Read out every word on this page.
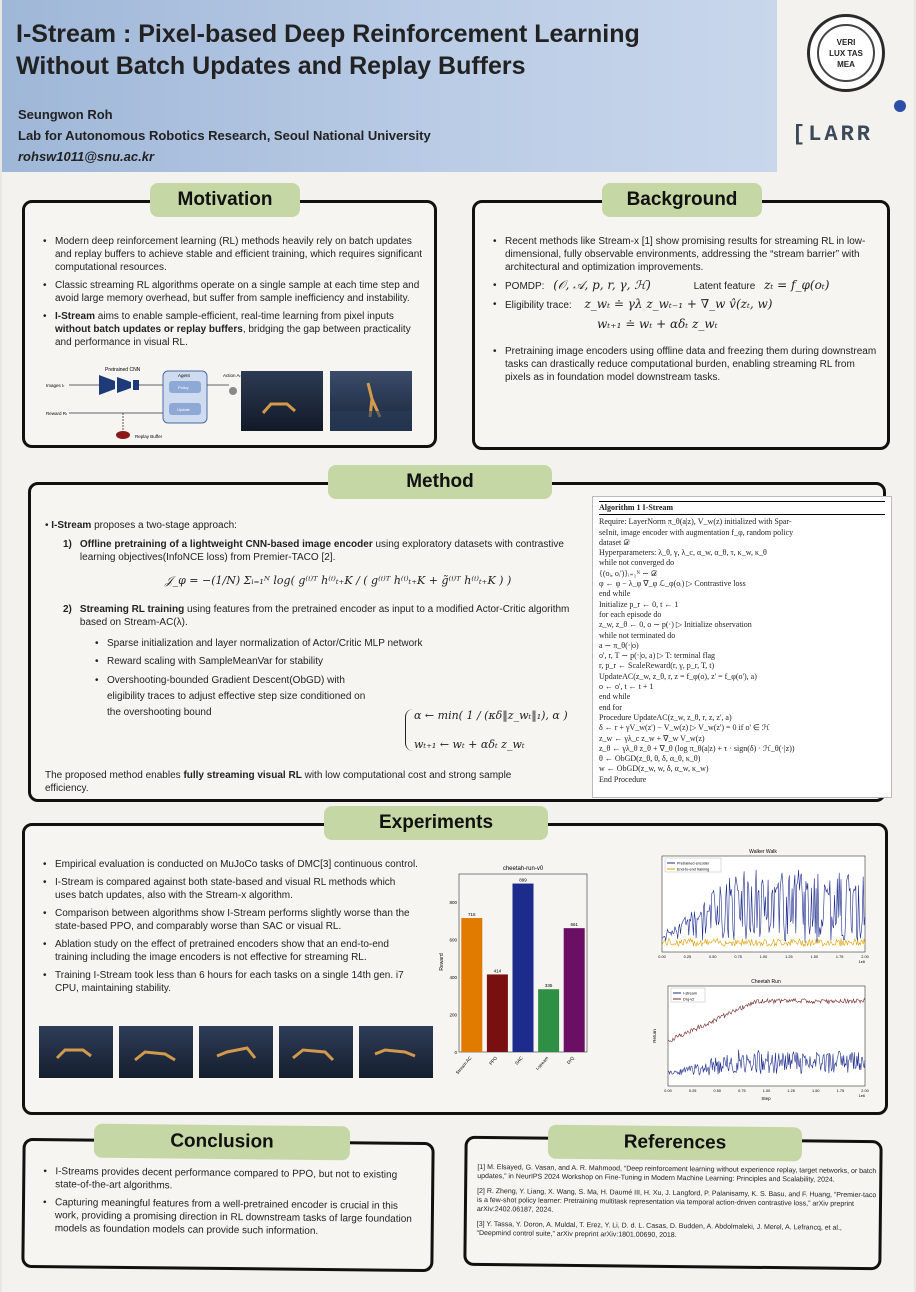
I-Stream : Pixel-based Deep Reinforcement Learning
Without Batch Updates and Replay Buffers
Seungwon Roh
Lab for Autonomous Robotics Research, Seoul National University
rohsw1011@snu.ac.kr
VERI LUX TAS MEA
[LARR
• Modern deep reinforcement learning (RL) methods heavily rely on batch updates and replay buffers to achieve stable and efficient training, which requires significant computational resources.
• Classic streaming RL algorithms operate on a single sample at each time step and avoid large memory overhead, but suffer from sample inefficiency and instability.
• I-Stream aims to enable sample-efficient, real-time learning from pixel inputs without batch updates or replay buffers, bridging the gap between practicality and performance in visual RL.
Pretrained CNN
Images Iₜ
Reward Rₜ
Agent
Policy
Update
Action Aₜ
Replay Buffer
Motivation
• Recent methods like Stream-x [1] show promising results for streaming RL in low-dimensional, fully observable environments, addressing the “stream barrier” with architectural and optimization improvements.
• POMDP: (𝒪, 𝒜, p, r, γ, ℋ)	Latent feature zₜ = f_φ(oₜ)
• Eligibility trace: z_wₜ ≐ γλ z_wₜ₋₁ + ∇_w v̂(zₜ, w)
wₜ₊₁ ≐ wₜ + αδₜ z_wₜ
• Pretraining image encoders using offline data and freezing them during downstream tasks can drastically reduce computational burden, enabling streaming RL from pixels as in foundation model downstream tasks.
Background
• I-Stream proposes a two-stage approach:
1) Offline pretraining of a lightweight CNN-based image encoder using exploratory datasets with contrastive learning objectives(InfoNCE loss) from Premier-TACO [2].
𝒥_φ = −(1/N) Σᵢ₌₁ᴺ log( g⁽ⁱ⁾ᵀ h⁽ⁱ⁾ₜ₊K / ( g⁽ⁱ⁾ᵀ h⁽ⁱ⁾ₜ₊K + g̃⁽ⁱ⁾ᵀ h⁽ⁱ⁾ₜ₊K ) )
2) Streaming RL training using features from the pretrained encoder as input to a modified Actor-Critic algorithm based on Stream-AC(λ).
• Sparse initialization and layer normalization of Actor/Critic MLP network
• Reward scaling with SampleMeanVar for stability
• Overshooting-bounded Gradient Descent(ObGD) with eligibility traces to adjust effective step size conditioned on the overshooting bound	α ← min( 1 / (κδ‖z_wₜ‖₁), α )
wₜ₊₁ ← wₜ + αδₜ z_wₜ
The proposed method enables fully streaming visual RL with low computational cost and strong sample efficiency.
Method
Algorithm 1 I-Stream
Require: LayerNorm π_θ(a|z), V_w(z) initialized with Spar-
seInit, image encoder with augmentation f_φ, random policy
dataset 𝒟
Hyperparameters: λ_θ, γ, λ_c, α_w, α_θ, τ, κ_w, κ_θ
while not converged do
{(oᵢ, oᵢ')}ᵢ₌₁ᴺ ∼ 𝒟
φ ← φ − λ_φ ∇_φ ℒ_φ(oᵢ) ▷ Contrastive loss
end while
Initialize p_r ← 0, t ← 1
for each episode do
z_w, z_θ ← 0, o ∼ p(·) ▷ Initialize observation
while not terminated do
a ∼ π_θ(·|o)
o', r, T ∼ p(·|o, a) ▷ T: terminal flag
r, p_r ← ScaleReward(r, γ, p_r, T, t)
UpdateAC(z_w, z_θ, r, z = f_φ(o), z' = f_φ(o'), a)
o ← o', t ← t + 1
end while
end for
Procedure UpdateAC(z_w, z_θ, r, z, z', a)
δ ← r + γV_w(z') − V_w(z) ▷ V_w(z') = 0 if o' ∈ ℋ
z_w ← γλ_c z_w + ∇_w V_w(z)
z_θ ← γλ_θ z_θ + ∇_θ (log π_θ(a|z) + τ · sign(δ) · ℋ_θ(·|z))
θ ← ObGD(z_θ, θ, δ, α_θ, κ_θ)
w ← ObGD(z_w, w, δ, α_w, κ_w)
End Procedure
• Empirical evaluation is conducted on MuJoCo tasks of DMC[3] continuous control.
• I-Stream is compared against both state-based and visual RL methods which uses batch updates, also with the Stream-x algorithm.
• Comparison between algorithms show I-Stream performs slightly worse than the state-based PPO, and comparably worse than SAC or visual RL.
• Ablation study on the effect of pretrained encoders show that an end-to-end training including the image encoders is not effective for streaming RL.
• Training I-Stream took less than 6 hours for each tasks on a single 14th gen. i7 CPU, maintaining stability.
cheetah-run-v0
0
200
400
600
800
Reward
715
Stream AC
414
PPO
899
SAC
335
I-stream
661
DrQ
Walker Walk
Pretrained encoder
End-to-end training
0.00	0.25	0.50	0.75	1.00	1.25	1.50	1.75	2.00
1e6
Cheetah Run
I-stream
Drq-v2
0.00	0.25	0.50	0.75	1.00	1.25	1.50	1.75	2.00
1e6
Step
Return
Experiments
• I-Streams provides decent performance compared to PPO, but not to existing state-of-the-art algorithms.
• Capturing meaningful features from a well-pretrained encoder is crucial in this work, providing a promising direction in RL downstream tasks of large foundation models as foundation models can provide such information.
Conclusion

[1] M. Elsayed, G. Vasan, and A. R. Mahmood, “Deep reinforcement learning without experience replay, target networks, or batch updates,” in NeurIPS 2024 Workshop on Fine-Tuning in Modern Machine Learning: Principles and Scalability, 2024.

[2] R. Zheng, Y. Liang, X. Wang, S. Ma, H. Daumé III, H. Xu, J. Langford, P. Palanisamy, K. S. Basu, and F. Huang, “Premier-taco is a few-shot policy learner: Pretraining multitask representation via temporal action-driven contrastive loss,” arXiv preprint arXiv:2402.06187, 2024.

[3] Y. Tassa, Y. Doron, A. Muldal, T. Erez, Y. Li, D. d. L. Casas, D. Budden, A. Abdolmaleki, J. Merel, A. Lefrancq, et al., “Deepmind control suite,” arXiv preprint arXiv:1801.00690, 2018.

References
